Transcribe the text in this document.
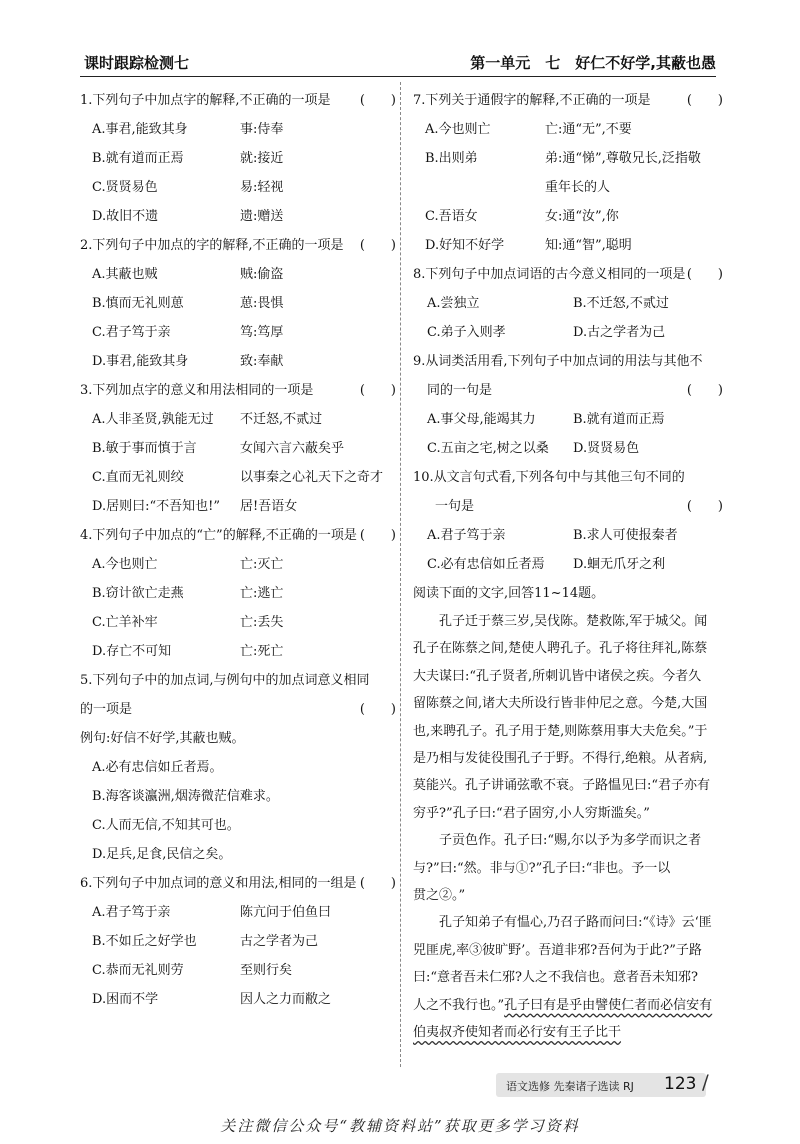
课时跟踪检测七	第一单元　七　好仁不好学,其蔽也愚
1.下列句子中加点字的解释,不正确的一项是 (　　)
A.事君,能致其身	事:侍奉
B.就有道而正焉	就:接近
C.贤贤易色	易:轻视
D.故旧不遗	遗:赠送
2.下列句子中加点的字的解释,不正确的一项是 (　　)
A.其蔽也贼	贼:偷盗
B.慎而无礼则葸	葸:畏惧
C.君子笃于亲	笃:笃厚
D.事君,能致其身	致:奉献
3.下列加点字的意义和用法相同的一项是	(　　)
A.人非圣贤,孰能无过	不迁怒,不贰过
B.敏于事而慎于言	女闻六言六蔽矣乎
C.直而无礼则绞	以事秦之心礼天下之奇才
D.居则曰:“不吾知也!”	居!吾语女
4.下列句子中加点的“亡”的解释,不正确的一项是 (　　)
A.今也则亡	亡:灭亡
B.窃计欲亡走燕	亡:逃亡
C.亡羊补牢	亡:丢失
D.存亡不可知	亡:死亡
5.下列句子中的加点词,与例句中的加点词意义相同
的一项是	(　　)
例句:好信不好学,其蔽也贼。
A.必有忠信如丘者焉。
B.海客谈瀛洲,烟涛微茫信难求。
C.人而无信,不知其可也。
D.足兵,足食,民信之矣。
6.下列句子中加点词的意义和用法,相同的一组是 (　　)
A.君子笃于亲	陈亢问于伯鱼曰
B.不如丘之好学也	古之学者为己
C.恭而无礼则劳	至则行矣
D.困而不学	因人之力而敝之
7.下列关于通假字的解释,不正确的一项是	(　　)
A.今也则亡	亡:通“无”,不要
B.出则弟	弟:通“悌”,尊敬兄长,泛指敬
重年长的人
C.吾语女	女:通“汝”,你
D.好知不好学	知:通“智”,聪明
8.下列句子中加点词语的古今意义相同的一项是 (　　)
A.尝独立	B.不迁怒,不贰过
C.弟子入则孝	D.古之学者为己
9.从词类活用看,下列句子中加点词的用法与其他不
同的一句是	(　　)
A.事父母,能竭其力	B.就有道而正焉
C.五亩之宅,树之以桑	D.贤贤易色
10.从文言句式看,下列各句中与其他三句不同的
一句是	(　　)
A.君子笃于亲	B.求人可使报秦者
C.必有忠信如丘者焉	D.蛔无爪牙之利
阅读下面的文字,回答11~14题。
孔子迁于蔡三岁,吴伐陈。楚救陈,军于城父。闻
孔子在陈蔡之间,楚使人聘孔子。孔子将往拜礼,陈蔡
大夫谋曰:“孔子贤者,所刺讥皆中诸侯之疾。今者久
留陈蔡之间,诸大夫所设行皆非仲尼之意。今楚,大国
也,来聘孔子。孔子用于楚,则陈蔡用事大夫危矣。”于
是乃相与发徒役围孔子于野。不得行,绝粮。从者病,
莫能兴。孔子讲诵弦歌不衰。子路愠见曰:“君子亦有
穷乎?”孔子曰:“君子固穷,小人穷斯滥矣。”
子贡色作。孔子曰:“赐,尔以予为多学而识之者
与?”曰:“然。非与①?”孔子曰:“非也。予一以
贯之②。”
孔子知弟子有愠心,乃召子路而问曰:“《诗》云‘匪
兕匪虎,率③彼旷野’。吾道非邪?吾何为于此?”子路
曰:“意者吾未仁邪?人之不我信也。意者吾未知邪?
人之不我行也。”孔子曰有是乎由譬使仁者而必信安有
伯夷叔齐使知者而必行安有王子比干
语文选修 先秦诸子选读 RJ 123 /
关注微信公众号“教辅资料站”获取更多学习资料
